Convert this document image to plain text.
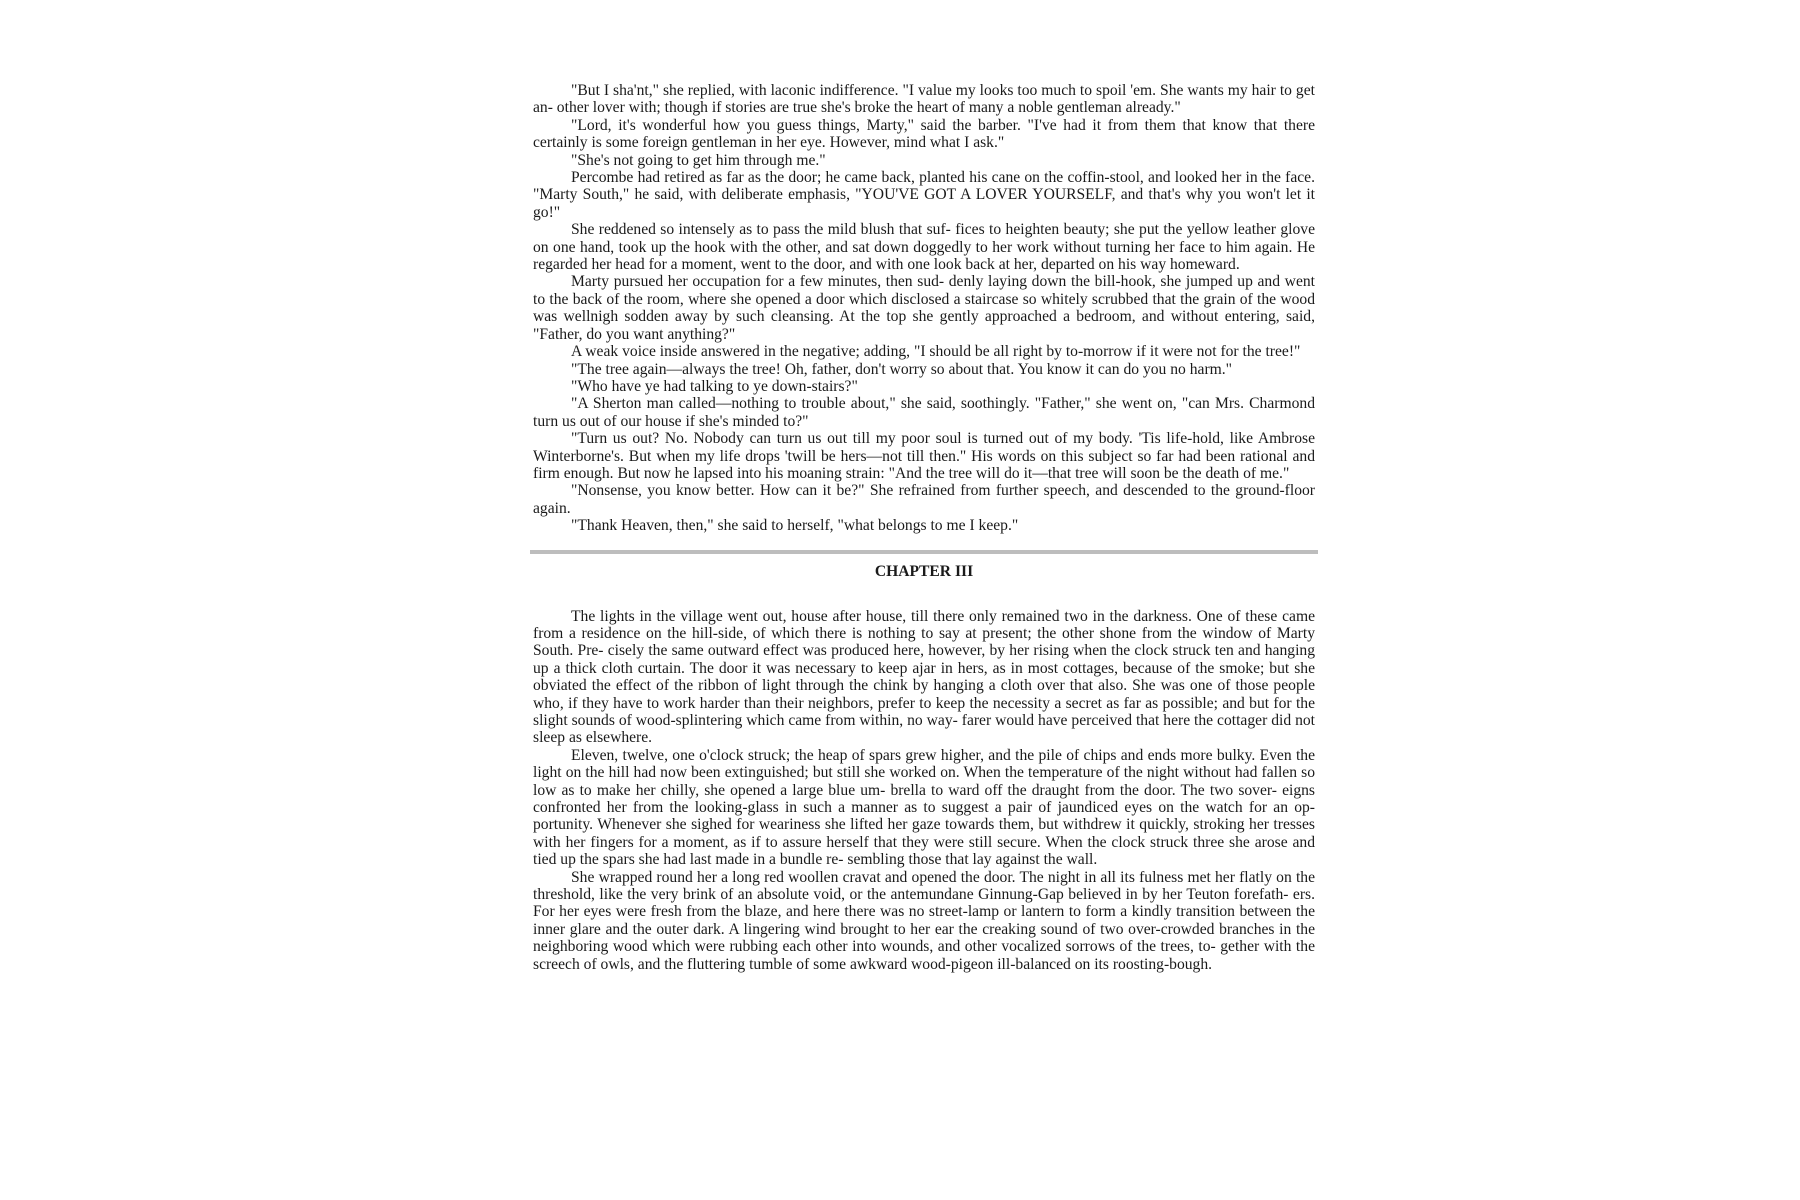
"But I sha'nt," she replied, with laconic indifference. "I value my looks too much to spoil 'em. She wants my hair to get an- other lover with; though if stories are true she's broke the heart of many a noble gentleman already."

"Lord, it's wonderful how you guess things, Marty," said the barber. "I've had it from them that know that there certainly is some foreign gentleman in her eye. However, mind what I ask."

"She's not going to get him through me."

Percombe had retired as far as the door; he came back, planted his cane on the coffin-stool, and looked her in the face. "Marty South," he said, with deliberate emphasis, "YOU'VE GOT A LOVER YOURSELF, and that's why you won't let it go!"

She reddened so intensely as to pass the mild blush that suf- fices to heighten beauty; she put the yellow leather glove on one hand, took up the hook with the other, and sat down doggedly to her work without turning her face to him again. He regarded her head for a moment, went to the door, and with one look back at her, departed on his way homeward.

Marty pursued her occupation for a few minutes, then sud- denly laying down the bill-hook, she jumped up and went to the back of the room, where she opened a door which disclosed a staircase so whitely scrubbed that the grain of the wood was wellnigh sodden away by such cleansing. At the top she gently approached a bedroom, and without entering, said, "Father, do you want anything?"

A weak voice inside answered in the negative; adding, "I should be all right by to-morrow if it were not for the tree!"

"The tree again—always the tree! Oh, father, don't worry so about that. You know it can do you no harm."

"Who have ye had talking to ye down-stairs?"

"A Sherton man called—nothing to trouble about," she said, soothingly. "Father," she went on, "can Mrs. Charmond turn us out of our house if she's minded to?"

"Turn us out? No. Nobody can turn us out till my poor soul is turned out of my body. 'Tis life-hold, like Ambrose Winterborne's. But when my life drops 'twill be hers—not till then." His words on this subject so far had been rational and firm enough. But now he lapsed into his moaning strain: "And the tree will do it—that tree will soon be the death of me."

"Nonsense, you know better. How can it be?" She refrained from further speech, and descended to the ground-floor again.

"Thank Heaven, then," she said to herself, "what belongs to me I keep."

CHAPTER III

The lights in the village went out, house after house, till there only remained two in the darkness. One of these came from a residence on the hill-side, of which there is nothing to say at present; the other shone from the window of Marty South. Pre- cisely the same outward effect was produced here, however, by her rising when the clock struck ten and hanging up a thick cloth curtain. The door it was necessary to keep ajar in hers, as in most cottages, because of the smoke; but she obviated the effect of the ribbon of light through the chink by hanging a cloth over that also. She was one of those people who, if they have to work harder than their neighbors, prefer to keep the necessity a secret as far as possible; and but for the slight sounds of wood-splintering which came from within, no way- farer would have perceived that here the cottager did not sleep as elsewhere.

Eleven, twelve, one o'clock struck; the heap of spars grew higher, and the pile of chips and ends more bulky. Even the light on the hill had now been extinguished; but still she worked on. When the temperature of the night without had fallen so low as to make her chilly, she opened a large blue um- brella to ward off the draught from the door. The two sover- eigns confronted her from the looking-glass in such a manner as to suggest a pair of jaundiced eyes on the watch for an op- portunity. Whenever she sighed for weariness she lifted her gaze towards them, but withdrew it quickly, stroking her tresses with her fingers for a moment, as if to assure herself that they were still secure. When the clock struck three she arose and tied up the spars she had last made in a bundle re- sembling those that lay against the wall.

She wrapped round her a long red woollen cravat and opened the door. The night in all its fulness met her flatly on the threshold, like the very brink of an absolute void, or the antemundane Ginnung-Gap believed in by her Teuton forefath- ers. For her eyes were fresh from the blaze, and here there was no street-lamp or lantern to form a kindly transition between the inner glare and the outer dark. A lingering wind brought to her ear the creaking sound of two over-crowded branches in the neighboring wood which were rubbing each other into wounds, and other vocalized sorrows of the trees, to- gether with the screech of owls, and the fluttering tumble of some awkward wood-pigeon ill-balanced on its roosting-bough.
